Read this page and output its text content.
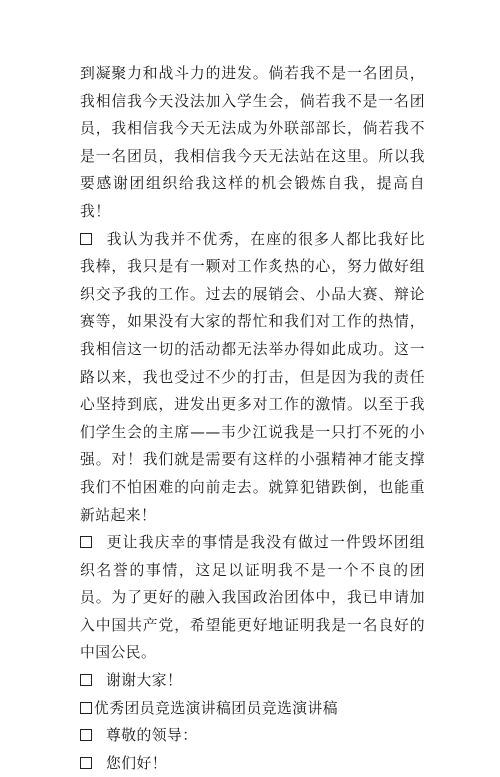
到凝聚力和战斗力的进发。倘若我不是一名团员，我相信我今天没法加入学生会，倘若我不是一名团员，我相信我今天无法成为外联部部长，倘若我不是一名团员，我相信我今天无法站在这里。所以我要感谢团组织给我这样的机会锻炼自我，提高自我！

我认为我并不优秀，在座的很多人都比我好比我棒，我只是有一颗对工作炙热的心，努力做好组织交予我的工作。过去的展销会、小品大赛、辩论赛等，如果没有大家的帮忙和我们对工作的热情，我相信这一切的活动都无法举办得如此成功。这一路以来，我也受过不少的打击，但是因为我的责任心坚持到底，进发出更多对工作的激情。以至于我们学生会的主席——韦少江说我是一只打不死的小强。对！我们就是需要有这样的小强精神才能支撑我们不怕困难的向前走去。就算犯错跌倒，也能重新站起来！

更让我庆幸的事情是我没有做过一件毁坏团组织名誉的事情，这足以证明我不是一个不良的团员。为了更好的融入我国政治团体中，我已申请加入中国共产党，希望能更好地证明我是一名良好的中国公民。

谢谢大家！

优秀团员竞选演讲稿团员竞选演讲稿

尊敬的领导：

您们好！
